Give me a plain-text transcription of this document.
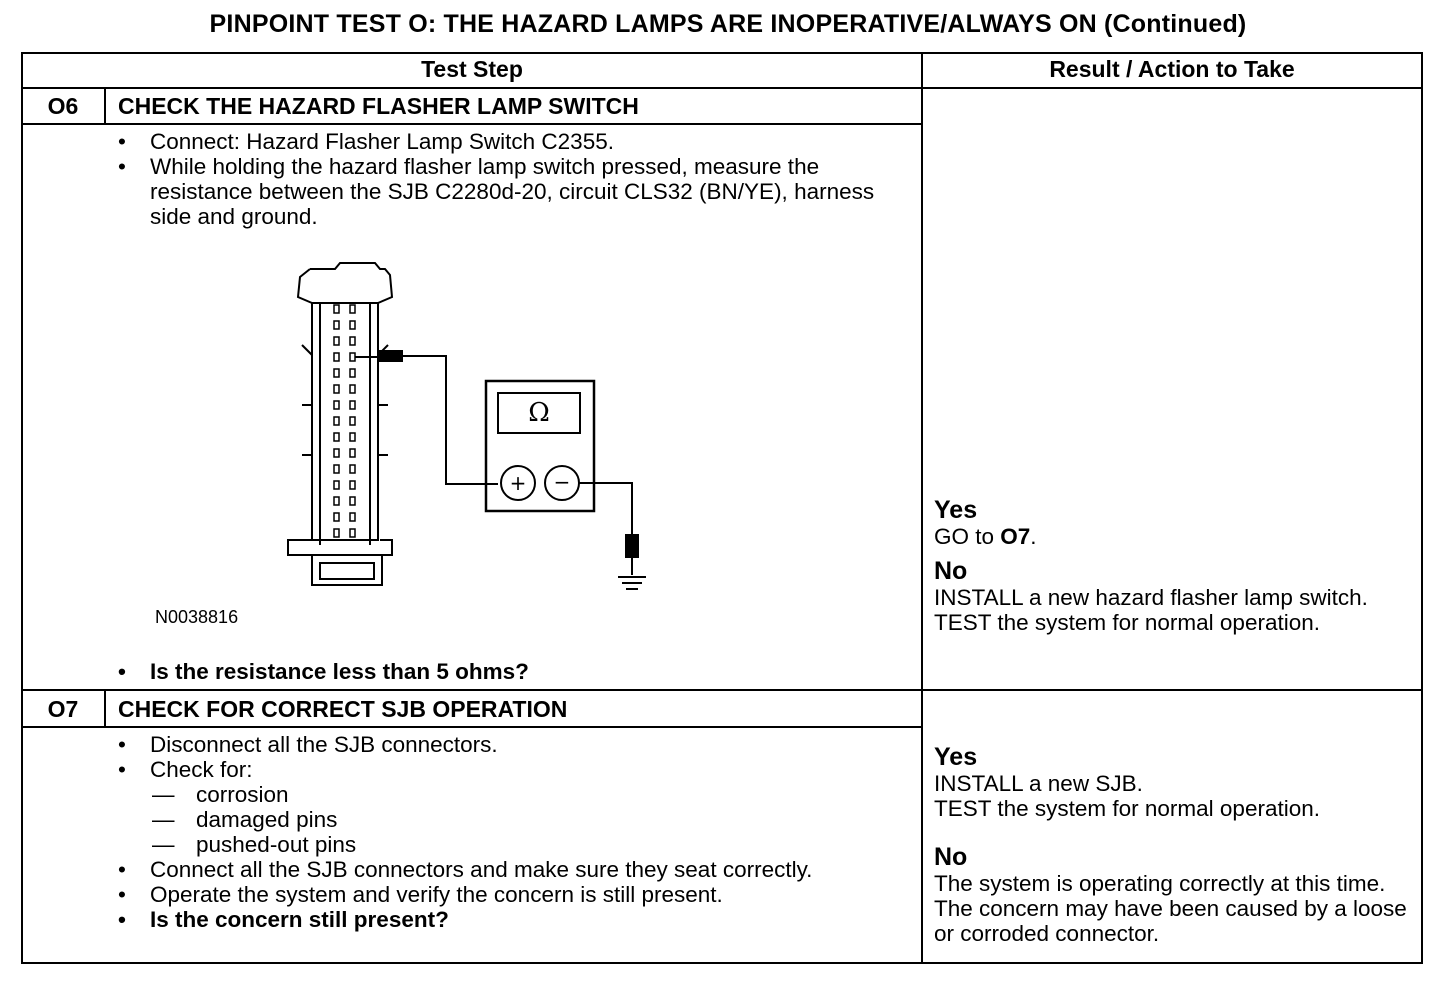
PINPOINT TEST O: THE HAZARD LAMPS ARE INOPERATIVE/ALWAYS ON (Continued)
Test Step	Result / Action to Take
O6	CHECK THE HAZARD FLASHER LAMP SWITCH
• Connect: Hazard Flasher Lamp Switch C2355.
• While holding the hazard flasher lamp switch pressed, measure the resistance between the SJB C2280d-20, circuit CLS32 (BN/YE), harness side and ground.
Ω
+ −
N0038816
• Is the resistance less than 5 ohms?
Yes
GO to O7.
No
INSTALL a new hazard flasher lamp switch. TEST the system for normal operation.
O7	CHECK FOR CORRECT SJB OPERATION
• Disconnect all the SJB connectors.
• Check for:
— corrosion
— damaged pins
— pushed-out pins
• Connect all the SJB connectors and make sure they seat correctly.
• Operate the system and verify the concern is still present.
• Is the concern still present?
Yes
INSTALL a new SJB.
TEST the system for normal operation.
No
The system is operating correctly at this time. The concern may have been caused by a loose or corroded connector.
